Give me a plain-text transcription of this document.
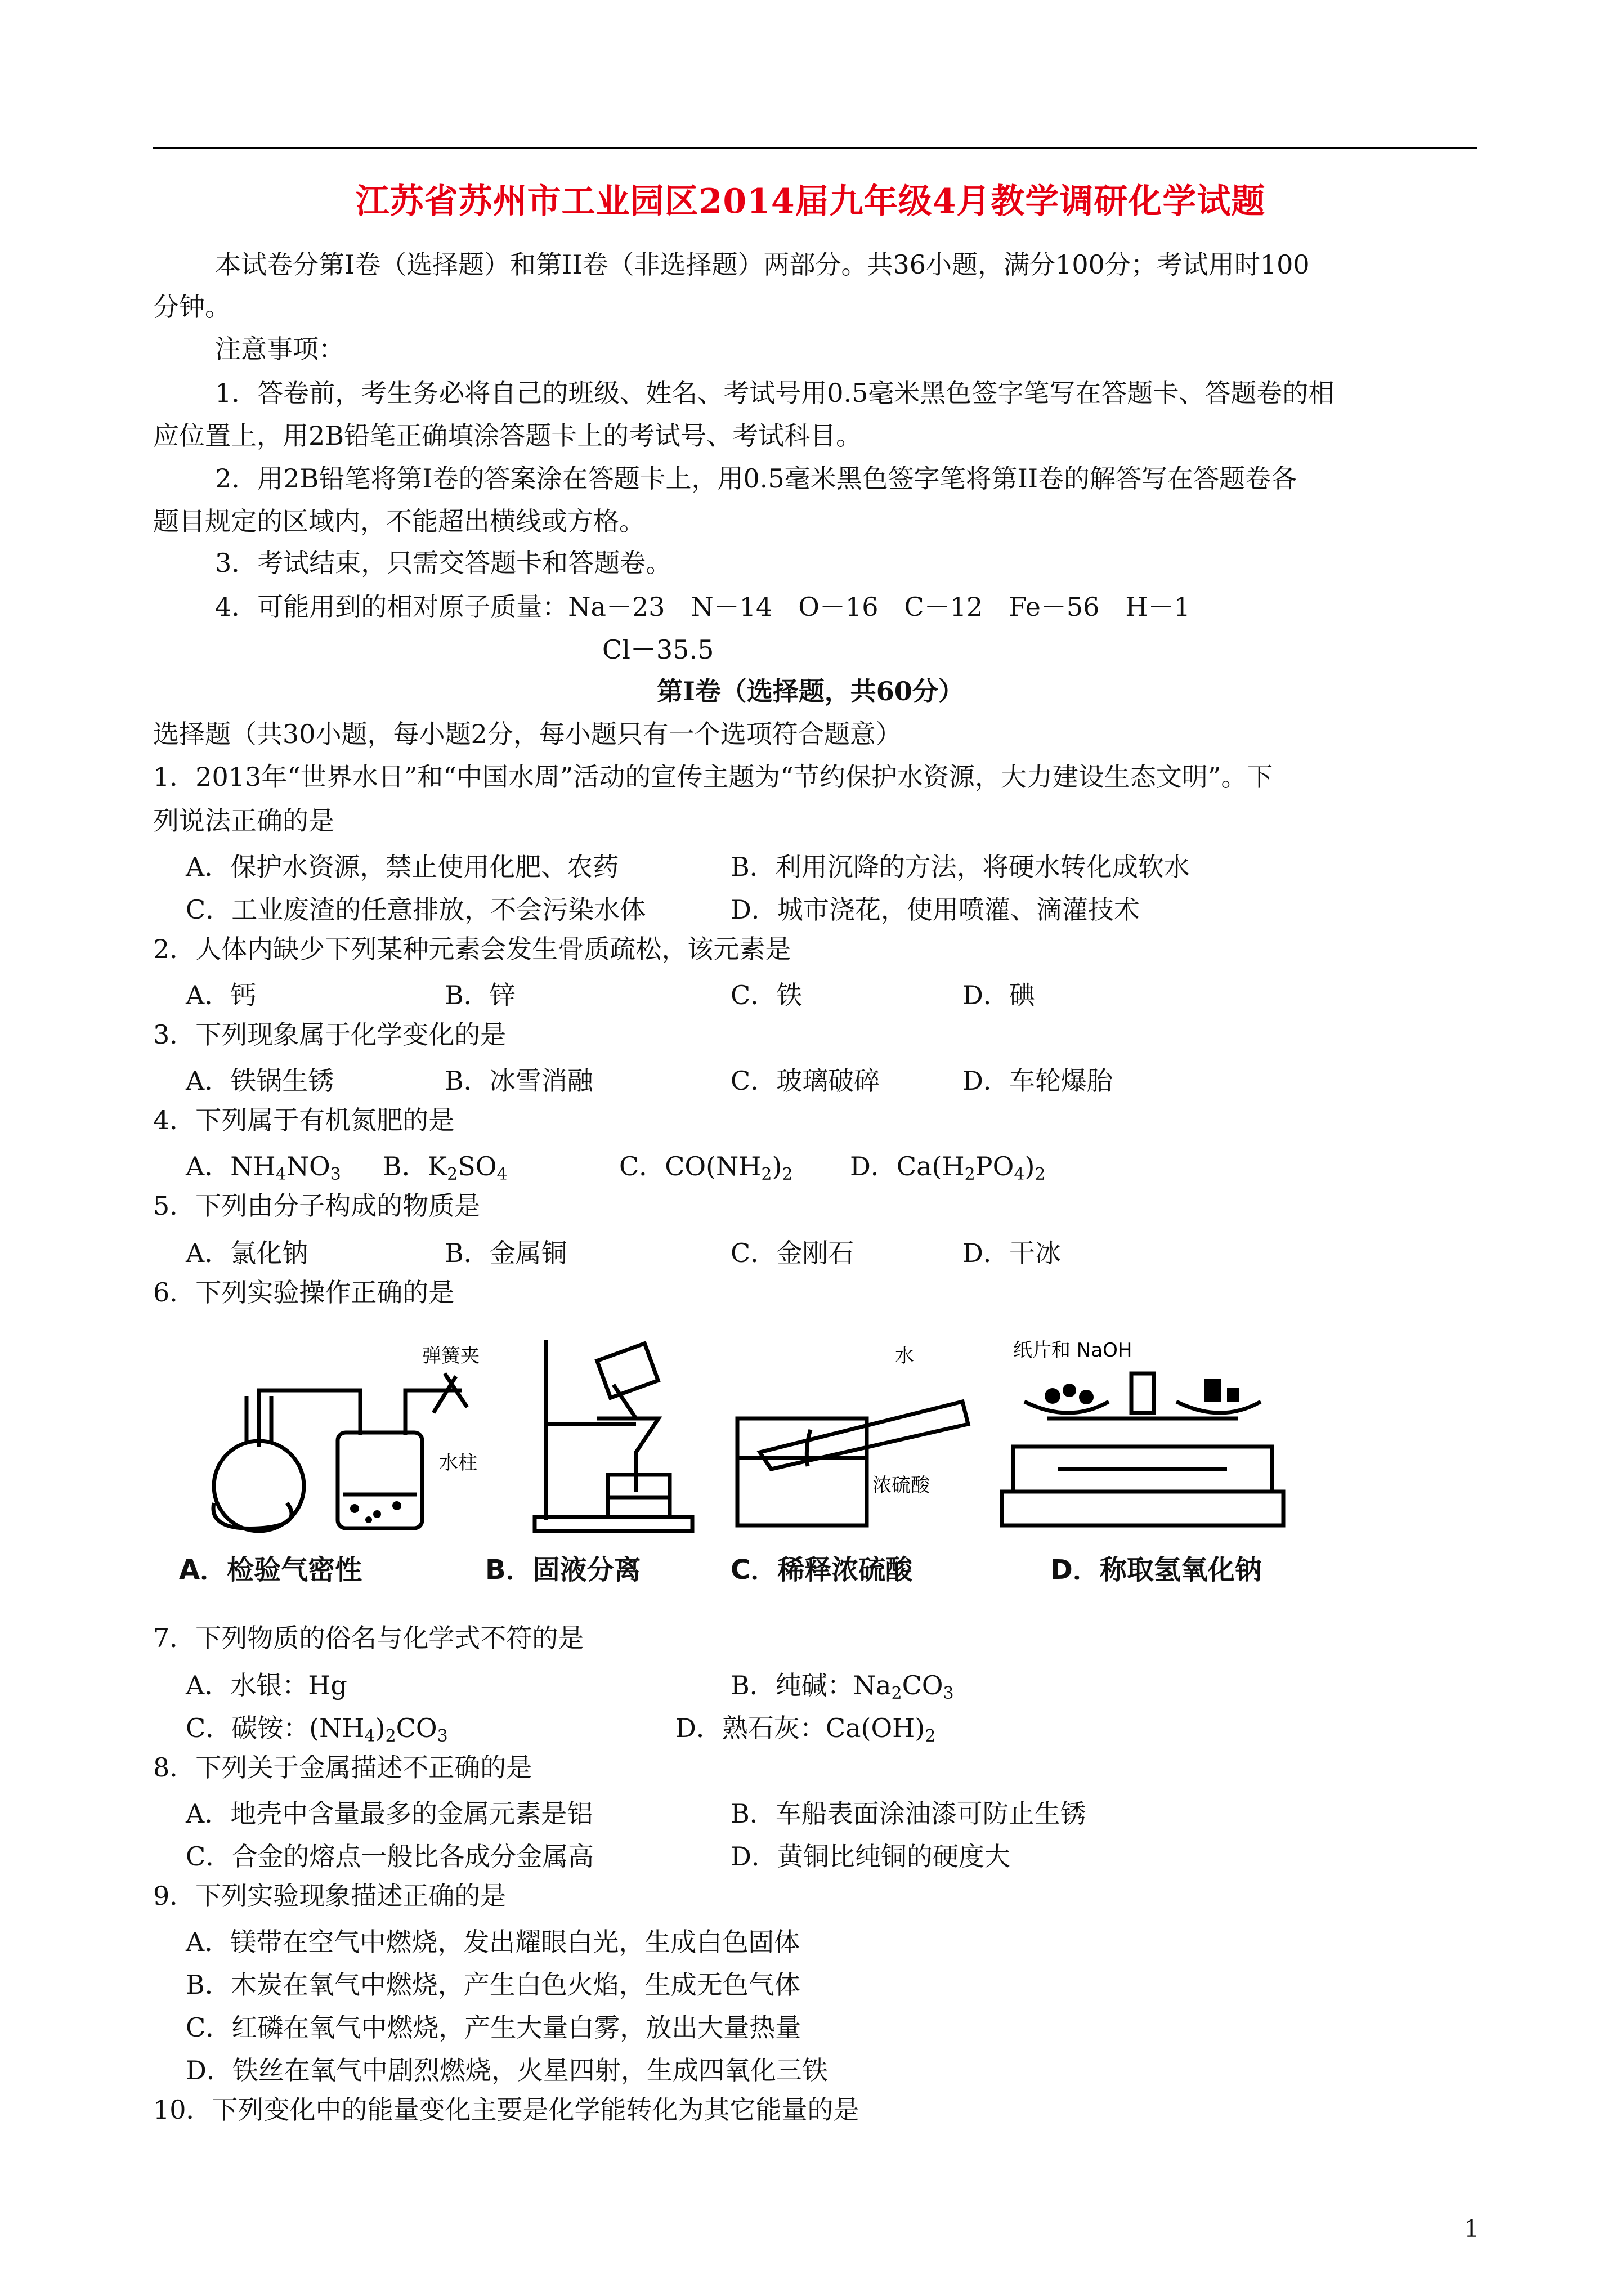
江苏省苏州市工业园区2014届九年级4月教学调研化学试题
本试卷分第Ⅰ卷（选择题）和第II卷（非选择题）两部分。共36小题，满分100分；考试用时100
分钟。
注意事项：
1．答卷前，考生务必将自己的班级、姓名、考试号用0.5毫米黑色签字笔写在答题卡、答题卷的相
应位置上，用2B铅笔正确填涂答题卡上的考试号、考试科目。
2．用2B铅笔将第Ⅰ卷的答案涂在答题卡上，用0.5毫米黑色签字笔将第II卷的解答写在答题卷各
题目规定的区域内，不能超出横线或方格。
3．考试结束，只需交答题卡和答题卷。
4．可能用到的相对原子质量：Na－23　N－14　O－16　C－12　Fe－56　H－1
Cl－35.5
第Ⅰ卷（选择题，共60分）
选择题（共30小题，每小题2分，每小题只有一个选项符合题意）
1．2013年“世界水日”和“中国水周”活动的宣传主题为“节约保护水资源，大力建设生态文明”。下
列说法正确的是
A．保护水资源，禁止使用化肥、农药	B．利用沉降的方法，将硬水转化成软水
C．工业废渣的任意排放，不会污染水体	D．城市浇花，使用喷灌、滴灌技术
2．人体内缺少下列某种元素会发生骨质疏松，该元素是
A．钙	B．锌	C．铁	D．碘
3．下列现象属于化学变化的是
A．铁锅生锈	B．冰雪消融	C．玻璃破碎	D．车轮爆胎
4．下列属于有机氮肥的是
A．$NH_4NO_3$ B．$K_2SO_4$	C．$CO(NH_2)_2$ D．$Ca(H_2PO_4)_2$
5．下列由分子构成的物质是
A．氯化钠	B．金属铜	C．金刚石	D．干冰
6．下列实验操作正确的是
弹簧夹
水柱
水
浓硫酸
纸片和 NaOH
A．检验气密性	B．固液分离	C．稀释浓硫酸	D．称取氢氧化钠
7．下列物质的俗名与化学式不符的是
A．水银：Hg	B．纯碱：$Na_2CO_3$
C．碳铵：$(NH_4)_2CO_3$	D．熟石灰：$Ca(OH)_2$
8．下列关于金属描述不正确的是
A．地壳中含量最多的金属元素是铝	B．车船表面涂油漆可防止生锈
C．合金的熔点一般比各成分金属高	D．黄铜比纯铜的硬度大
9．下列实验现象描述正确的是
A．镁带在空气中燃烧，发出耀眼白光，生成白色固体
B．木炭在氧气中燃烧，产生白色火焰，生成无色气体
C．红磷在氧气中燃烧，产生大量白雾，放出大量热量
D．铁丝在氧气中剧烈燃烧，火星四射，生成四氧化三铁
10．下列变化中的能量变化主要是化学能转化为其它能量的是
1
